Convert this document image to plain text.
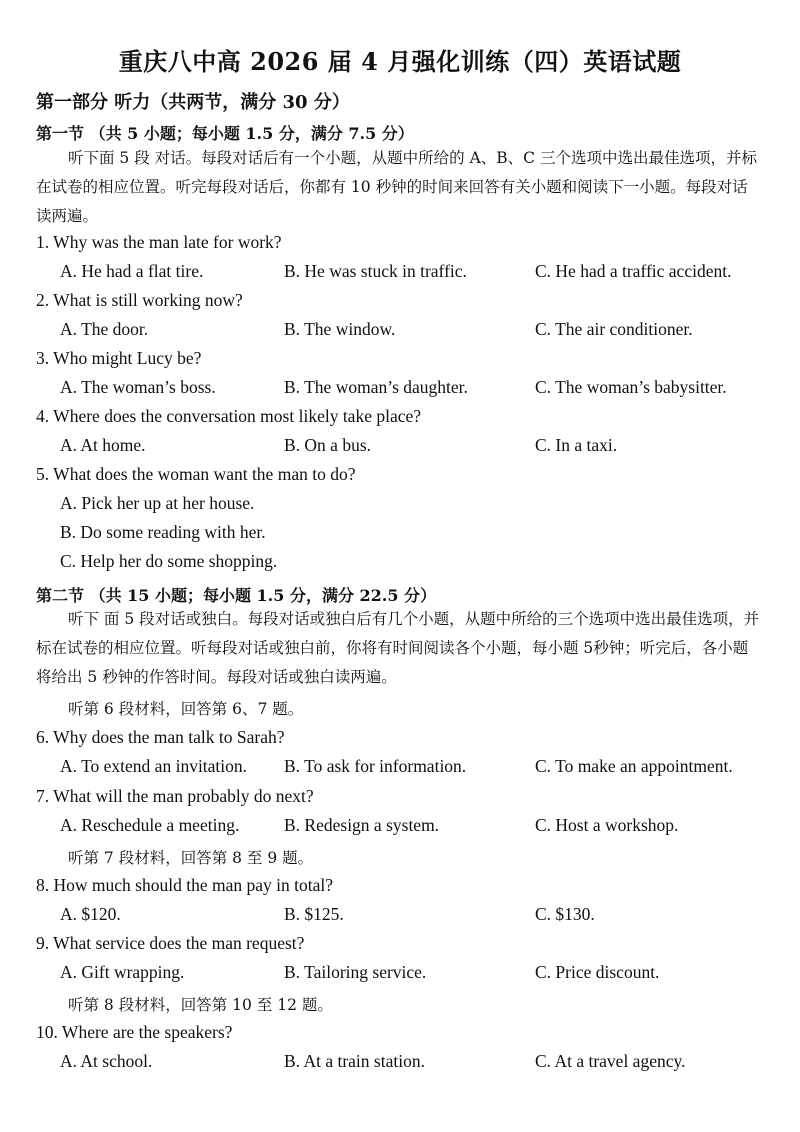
重庆八中高 2026 届 4 月强化训练（四）英语试题
第一部分 听力（共两节，满分 30 分）
第一节 （共 5 小题；每小题 1.5 分，满分 7.5 分）

听下面 5 段 对话。每段对话后有一个小题，从题中所给的 A、B、C 三个选项中选出最佳选项，并标在试卷的相应位置。听完每段对话后，你都有 10 秒钟的时间来回答有关小题和阅读下一小题。每段对话读两遍。

1. Why was the man late for work?
A. He had a flat tire.	B. He was stuck in traffic.	C. He had a traffic accident.
2. What is still working now?
A. The door.	B. The window.	C. The air conditioner.
3. Who might Lucy be?
A. The woman’s boss.	B. The woman’s daughter.	C. The woman’s babysitter.
4. Where does the conversation most likely take place?
A. At home.	B. On a bus.	C. In a taxi.
5. What does the woman want the man to do?
A. Pick her up at her house.
B. Do some reading with her.
C. Help her do some shopping.
第二节 （共 15 小题；每小题 1.5 分，满分 22.5 分）

听下 面 5 段对话或独白。每段对话或独白后有几个小题，从题中所给的三个选项中选出最佳选项，并标在试卷的相应位置。听每段对话或独白前，你将有时间阅读各个小题，每小题 5秒钟；听完后，各小题将给出 5 秒钟的作答时间。每段对话或独白读两遍。

听第 6 段材料，回答第 6、7 题。
6. Why does the man talk to Sarah?
A. To extend an invitation. B. To ask for information.	C. To make an appointment.
7. What will the man probably do next?
A. Reschedule a meeting.	B. Redesign a system.	C. Host a workshop.
听第 7 段材料，回答第 8 至 9 题。
8. How much should the man pay in total?
A. $120.	B. $125.	C. $130.
9. What service does the man request?
A. Gift wrapping.	B. Tailoring service.	C. Price discount.
听第 8 段材料，回答第 10 至 12 题。
10. Where are the speakers?
A. At school.	B. At a train station.	C. At a travel agency.
